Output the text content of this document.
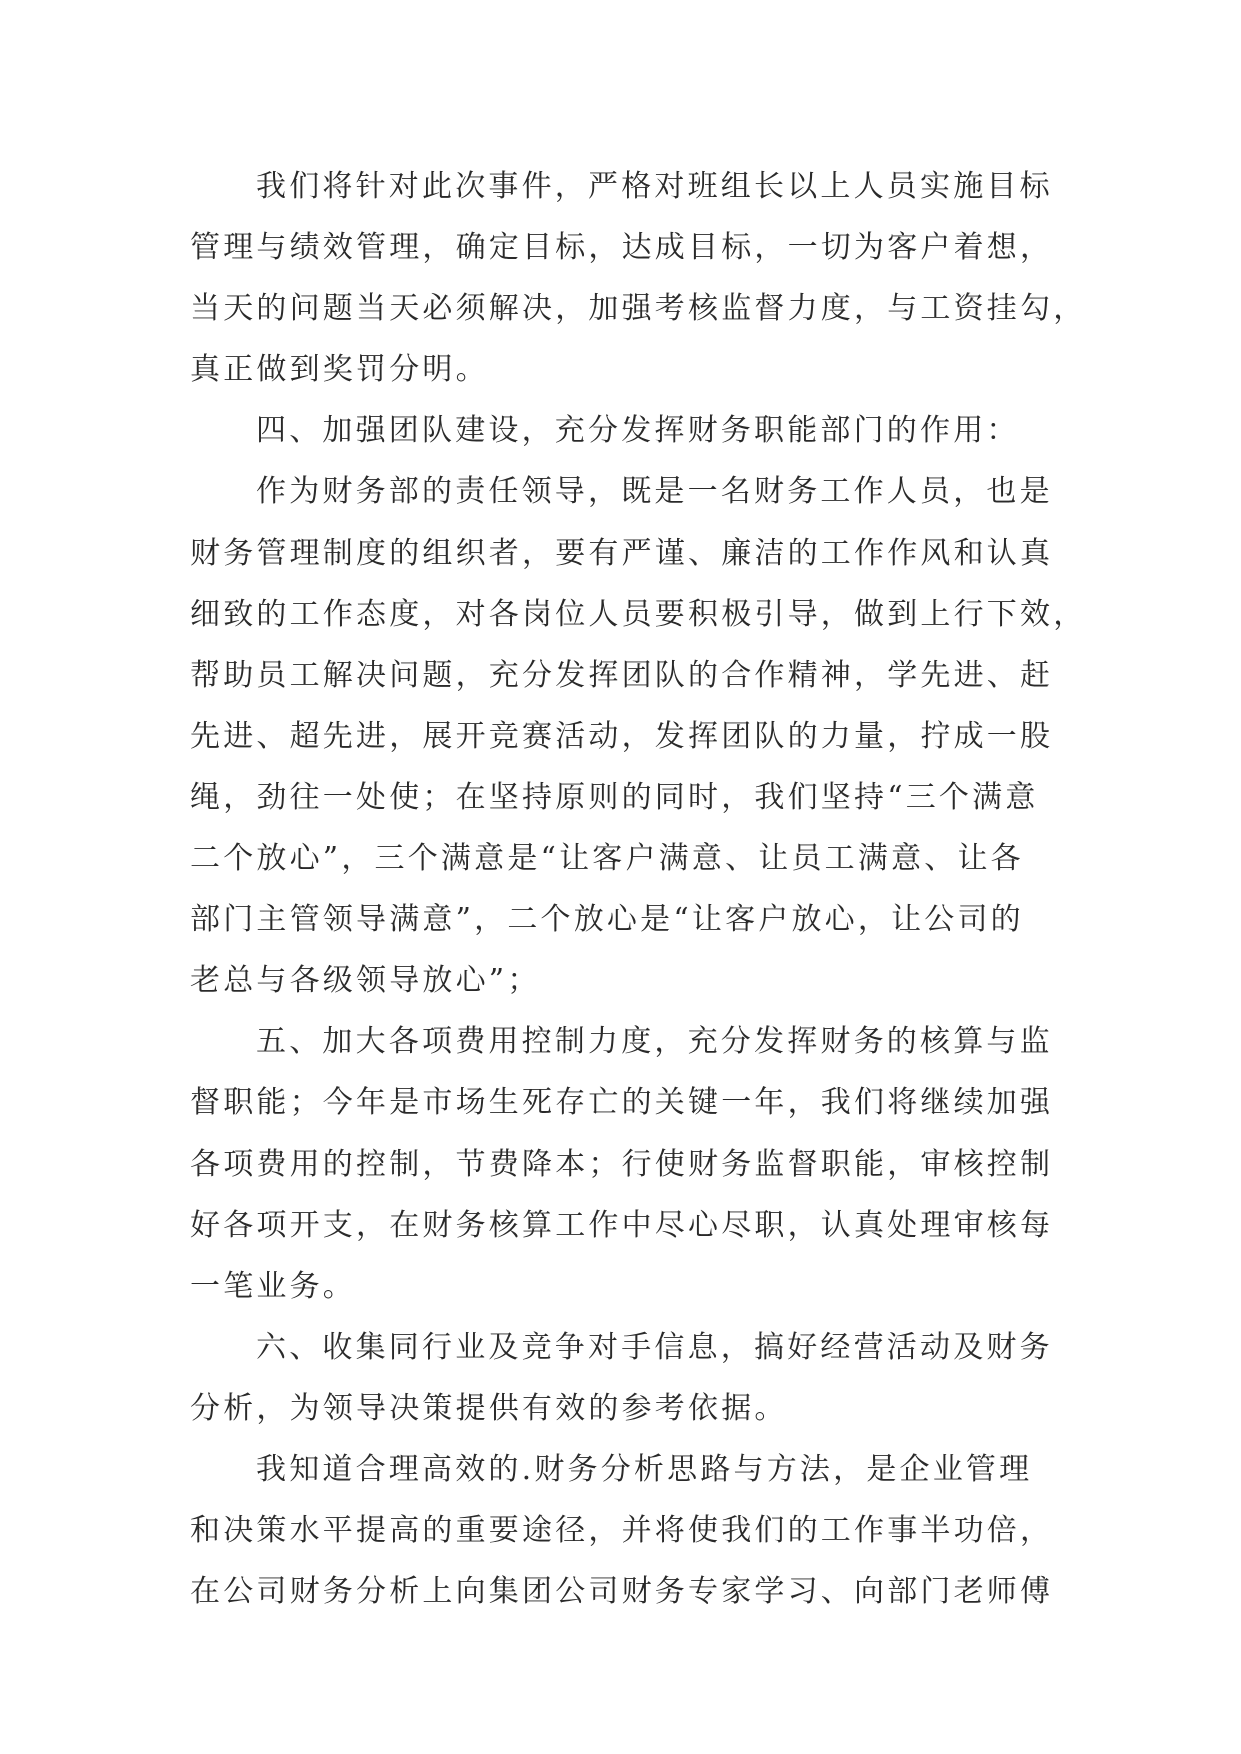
我们将针对此次事件，严格对班组长以上人员实施目标
管理与绩效管理，确定目标，达成目标，一切为客户着想，
当天的问题当天必须解决，加强考核监督力度，与工资挂勾，
真正做到奖罚分明。
四、加强团队建设，充分发挥财务职能部门的作用：
作为财务部的责任领导，既是一名财务工作人员，也是
财务管理制度的组织者，要有严谨、廉洁的工作作风和认真
细致的工作态度，对各岗位人员要积极引导，做到上行下效，
帮助员工解决问题，充分发挥团队的合作精神，学先进、赶
先进、超先进，展开竞赛活动，发挥团队的力量，拧成一股
绳，劲往一处使；在坚持原则的同时，我们坚持“三个满意
二个放心”，三个满意是“让客户满意、让员工满意、让各
部门主管领导满意”，二个放心是“让客户放心，让公司的
老总与各级领导放心”；
五、加大各项费用控制力度，充分发挥财务的核算与监
督职能；今年是市场生死存亡的关键一年，我们将继续加强
各项费用的控制，节费降本；行使财务监督职能，审核控制
好各项开支，在财务核算工作中尽心尽职，认真处理审核每
一笔业务。
六、收集同行业及竞争对手信息，搞好经营活动及财务
分析，为领导决策提供有效的参考依据。
我知道合理高效的.财务分析思路与方法，是企业管理
和决策水平提高的重要途径，并将使我们的工作事半功倍，
在公司财务分析上向集团公司财务专家学习、向部门老师傅
